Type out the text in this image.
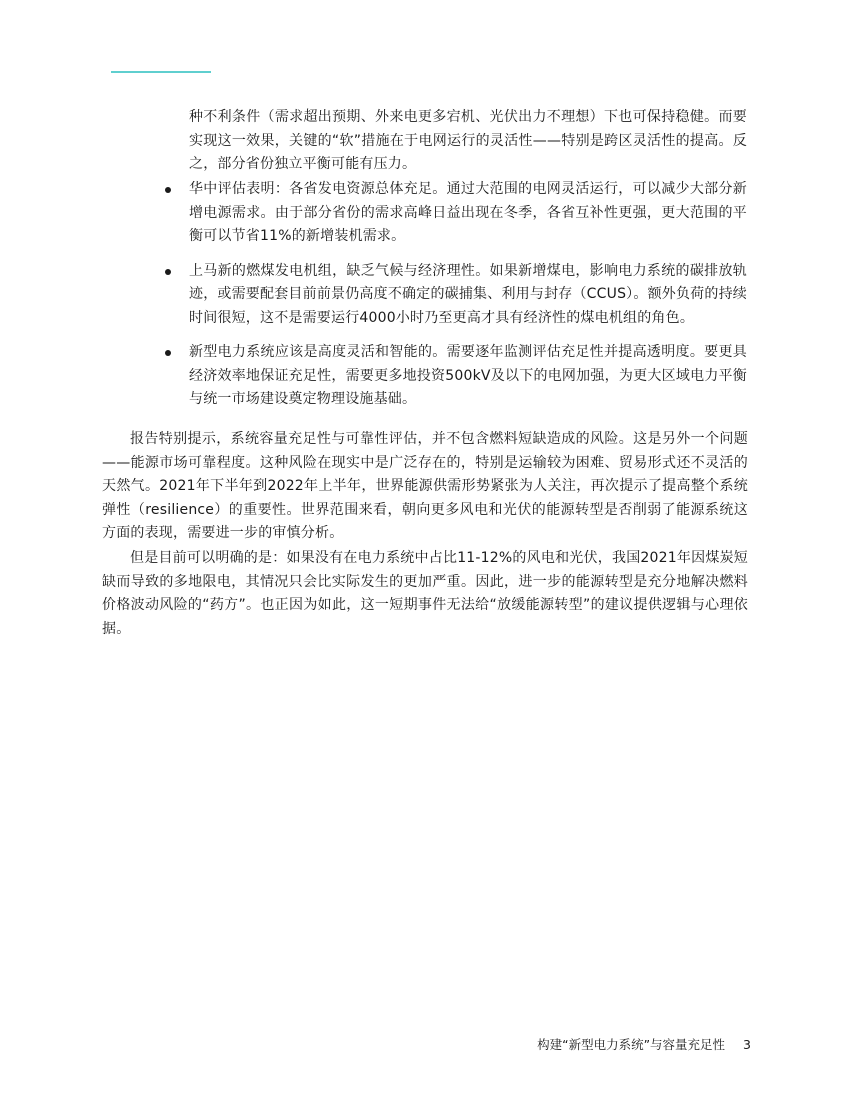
种不利条件（需求超出预期、外来电更多宕机、光伏出力不理想）下也可保持稳健。而要实现这一效果，关键的“软”措施在于电网运行的灵活性——特别是跨区灵活性的提高。反之，部分省份独立平衡可能有压力。

华中评估表明：各省发电资源总体充足。通过大范围的电网灵活运行，可以减少大部分新增电源需求。由于部分省份的需求高峰日益出现在冬季，各省互补性更强，更大范围的平衡可以节省11%的新增装机需求。
上马新的燃煤发电机组，缺乏气候与经济理性。如果新增煤电，影响电力系统的碳排放轨迹，或需要配套目前前景仍高度不确定的碳捕集、利用与封存（CCUS）。额外负荷的持续时间很短，这不是需要运行4000小时乃至更高才具有经济性的煤电机组的角色。
新型电力系统应该是高度灵活和智能的。需要逐年监测评估充足性并提高透明度。要更具经济效率地保证充足性，需要更多地投资500kV及以下的电网加强，为更大区域电力平衡与统一市场建设奠定物理设施基础。

报告特别提示，系统容量充足性与可靠性评估，并不包含燃料短缺造成的风险。这是另外一个问题——能源市场可靠程度。这种风险在现实中是广泛存在的，特别是运输较为困难、贸易形式还不灵活的天然气。2021年下半年到2022年上半年，世界能源供需形势紧张为人关注，再次提示了提高整个系统弹性（resilience）的重要性。世界范围来看，朝向更多风电和光伏的能源转型是否削弱了能源系统这方面的表现，需要进一步的审慎分析。

但是目前可以明确的是：如果没有在电力系统中占比11-12%的风电和光伏，我国2021年因煤炭短缺而导致的多地限电，其情况只会比实际发生的更加严重。因此，进一步的能源转型是充分地解决燃料价格波动风险的“药方”。也正因为如此，这一短期事件无法给“放缓能源转型”的建议提供逻辑与心理依据。

构建“新型电力系统”与容量充足性 3
